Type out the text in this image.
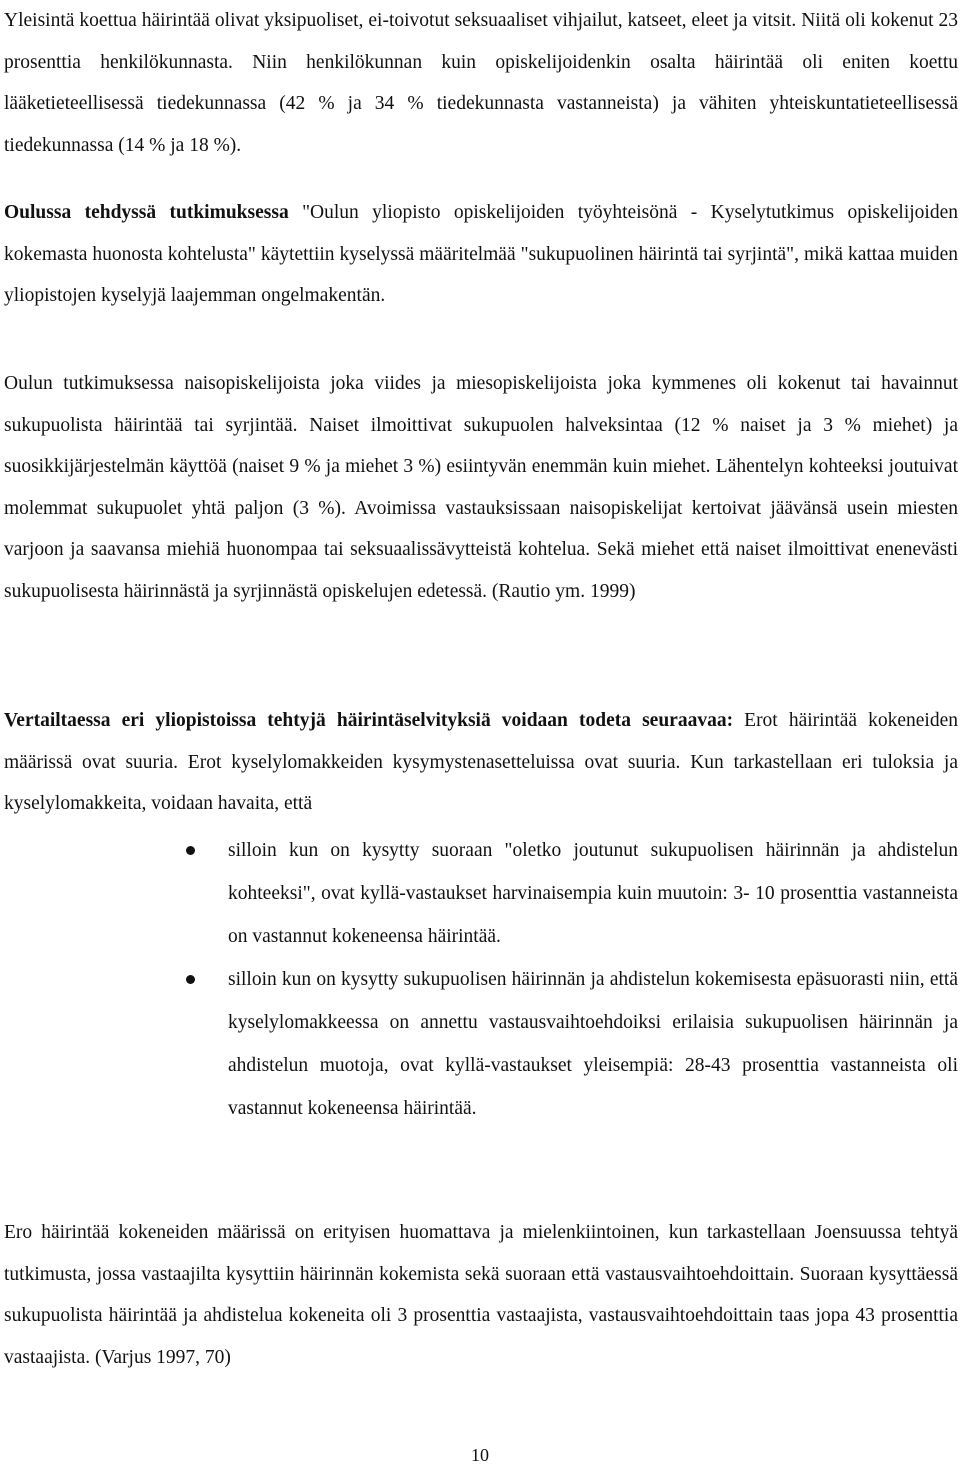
Yleisintä koettua häirintää olivat yksipuoliset, ei-toivotut seksuaaliset vihjailut, katseet, eleet ja vitsit. Niitä oli kokenut 23 prosenttia henkilökunnasta. Niin henkilökunnan kuin opiskelijoidenkin osalta häirintää oli eniten koettu lääketieteellisessä tiedekunnassa (42 % ja 34 % tiedekunnasta vastanneista) ja vähiten yhteiskuntatieteellisessä tiedekunnassa (14 % ja 18 %).

Oulussa tehdyssä tutkimuksessa "Oulun yliopisto opiskelijoiden työyhteisönä - Kyselytutkimus opiskelijoiden kokemasta huonosta kohtelusta" käytettiin kyselyssä määritelmää "sukupuolinen häirintä tai syrjintä", mikä kattaa muiden yliopistojen kyselyjä laajemman ongelmakentän.

Oulun tutkimuksessa naisopiskelijoista joka viides ja miesopiskelijoista joka kymmenes oli kokenut tai havainnut sukupuolista häirintää tai syrjintää. Naiset ilmoittivat sukupuolen halveksintaa (12 % naiset ja 3 % miehet) ja suosikkijärjestelmän käyttöä (naiset 9 % ja miehet 3 %) esiintyvän enemmän kuin miehet. Lähentelyn kohteeksi joutuivat molemmat sukupuolet yhtä paljon (3 %). Avoimissa vastauksissaan naisopiskelijat kertoivat jäävänsä usein miesten varjoon ja saavansa miehiä huonompaa tai seksuaalissävytteistä kohtelua. Sekä miehet että naiset ilmoittivat enenevästi sukupuolisesta häirinnästä ja syrjinnästä opiskelujen edetessä. (Rautio ym. 1999)

Vertailtaessa eri yliopistoissa tehtyjä häirintäselvityksiä voidaan todeta seuraavaa: Erot häirintää kokeneiden määrissä ovat suuria. Erot kyselylomakkeiden kysymystenasetteluissa ovat suuria. Kun tarkastellaan eri tuloksia ja kyselylomakkeita, voidaan havaita, että

silloin kun on kysytty suoraan "oletko joutunut sukupuolisen häirinnän ja ahdistelun kohteeksi", ovat kyllä-vastaukset harvinaisempia kuin muutoin: 3- 10 prosenttia vastanneista on vastannut kokeneensa häirintää.
silloin kun on kysytty sukupuolisen häirinnän ja ahdistelun kokemisesta epäsuorasti niin, että kyselylomakkeessa on annettu vastausvaihtoehdoiksi erilaisia sukupuolisen häirinnän ja ahdistelun muotoja, ovat kyllä-vastaukset yleisempiä: 28-43 prosenttia vastanneista oli vastannut kokeneensa häirintää.

Ero häirintää kokeneiden määrissä on erityisen huomattava ja mielenkiintoinen, kun tarkastellaan Joensuussa tehtyä tutkimusta, jossa vastaajilta kysyttiin häirinnän kokemista sekä suoraan että vastausvaihtoehdoittain. Suoraan kysyttäessä sukupuolista häirintää ja ahdistelua kokeneita oli 3 prosenttia vastaajista, vastausvaihtoehdoittain taas jopa 43 prosenttia vastaajista. (Varjus 1997, 70)

10
